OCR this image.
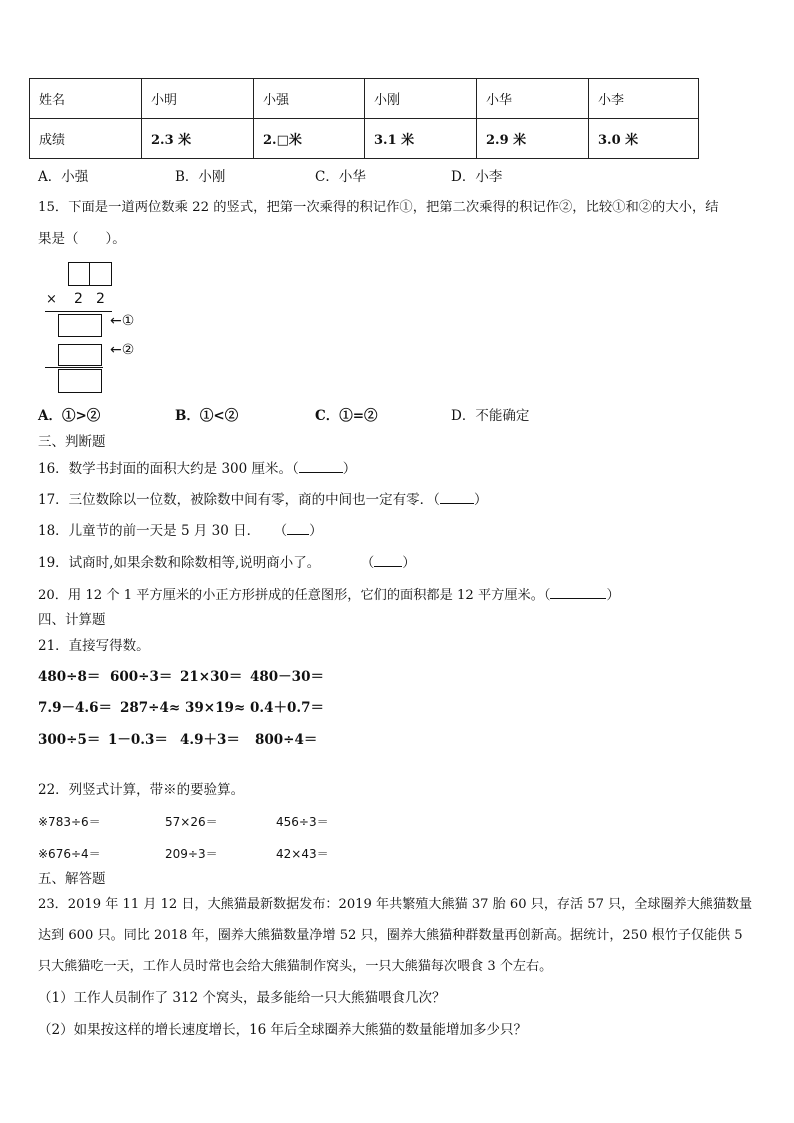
姓名	小明	小强	小刚	小华	小李
成绩	2.3 米	2.□米	3.1 米	2.9 米	3.0 米
A．小强	B．小刚	C．小华	D．小李
15．下面是一道两位数乘 22 的竖式，把第一次乘得的积记作①，把第二次乘得的积记作②，比较①和②的大小，结
果是（　　）。
× 2 2
←①
←②
A．①>②	B．①<②	C．①=②	D．不能确定
三、判断题
16．数学书封面的面积大约是 300 厘米。（	）
17．三位数除以一位数，被除数中间有零，商的中间也一定有零．（	）
18．儿童节的前一天是 5 月 30 日．　　（ ）
19．试商时,如果余数和除数相等,说明商小了。　　　　（ ）
20．用 12 个 1 平方厘米的小正方形拼成的任意图形，它们的面积都是 12 平方厘米。（	）
四、计算题
21．直接写得数。
480÷8＝ 600÷3＝ 21×30＝ 480－30＝
7.9－4.6＝ 287÷4≈ 39×19≈ 0.4＋0.7＝
300÷5＝ 1－0.3＝ 4.9＋3＝ 800÷4＝
22．列竖式计算，带※的要验算。
※783÷6＝	57×26＝	456÷3＝
※676÷4＝	209÷3＝	42×43＝
五、解答题
23．2019 年 11 月 12 日，大熊猫最新数据发布：2019 年共繁殖大熊猫 37 胎 60 只，存活 57 只，全球圈养大熊猫数量
达到 600 只。同比 2018 年，圈养大熊猫数量净增 52 只，圈养大熊猫种群数量再创新高。据统计，250 根竹子仅能供 5
只大熊猫吃一天，工作人员时常也会给大熊猫制作窝头，一只大熊猫每次喂食 3 个左右。
（1）工作人员制作了 312 个窝头，最多能给一只大熊猫喂食几次？
（2）如果按这样的增长速度增长，16 年后全球圈养大熊猫的数量能增加多少只？
